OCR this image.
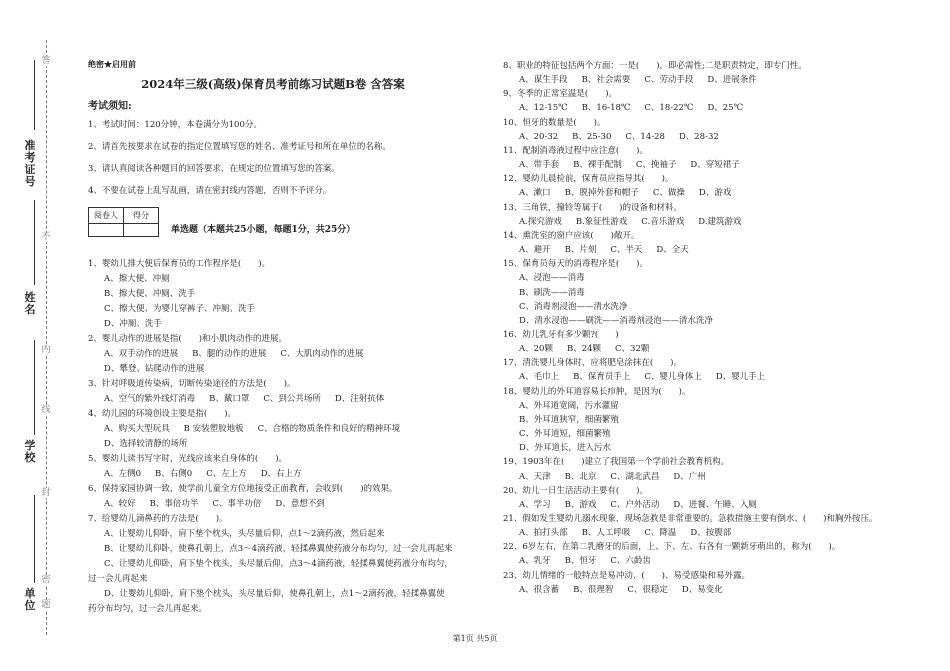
准考证号
姓名
学校
单位
答
不
内
线
封
密
题
绝密★启用前
2024年三级(高级)保育员考前练习试题B卷 含答案
考试须知:
1、考试时间：120分钟，本卷满分为100分。
2、请首先按要求在试卷的指定位置填写您的姓名、准考证号和所在单位的名称。
3、请认真阅读各种题目的回答要求，在规定的位置填写您的答案。
4、不要在试卷上乱写乱画，请在密封线内答题，否则不予评分。
阅卷人	得分

单选题（本题共25小题，每题1分，共25分）
1、婴幼儿排大便后保育员的工作程序是(　　)。
A、擦大便、冲厕
B、擦大便、冲厕、洗手
C、擦大便、为婴儿穿裤子、冲厕、洗手
D、冲厕、洗手
2、婴儿动作的进展是指(　　)和小肌肉动作的进展。
A、双手动作的进展 B、腿的动作的进展 C、大肌肉动作的进展
D、攀登、钻爬动作的进展
3、针对呼吸道传染病，切断传染途径的方法是(　　)。
A、空气的紫外线灯消毒 B、戴口罩 C、到公共场所 D、注射抗体
4、幼儿园的环境创设主要是指(　　)。
A、购买大型玩具 B 安装塑胶地板 C、合格的物质条件和良好的精神环境
D、选择较清静的场所
5、婴幼儿读书写字时，光线应该来自身体的(　　)。
A、左侧0 B、右侧0 C、左上方 D、右上方
6、保持家园协调一致，使学前儿童全方位地接受正面教育，会收到(　　)的效果。
A、较好 B、事倍功半 C、事半功倍 D、意想不到
7、给婴幼儿滴鼻药的方法是(　　)。
A、让婴幼儿仰卧，肩下垫个枕头，头尽量后仰，点1～2滴药液，然后起来
B、让婴幼儿仰卧，使鼻孔朝上，点3～4滴药液，轻揉鼻翼使药液分布均匀，过一会儿再起来
C、让婴幼儿仰卧，肩下垫个枕头，头尽量后仰，点3～4滴药液，轻揉鼻翼使药液分布均匀，
过一会儿再起来
D、让婴幼儿仰卧，肩下垫个枕头，头尽量后仰，使鼻孔朝上，点1～2滴药液，轻揉鼻翼使
药分布均匀，过一会儿再起来。
8、职业的特征包括两个方面：一是(　　)，即必需性;二是职责特定，即专门性。
A、谋生手段 B、社会需要 C、劳动手段 D、进展条件
9、冬季的正常室温是(　　)。
A、12-15℃ B、16-18℃ C、18-22℃ D、25℃
10、恒牙的数量是(　　)。
A、20-32 B、25-30 C、14-28 D、28-32
11、配制消毒液过程中应注意(　　)。
A、带手套 B、裸手配制 C、挽袖子 D、穿短裙子
12、婴幼儿晨检前，保育员应指导其(　　)。
A、漱口 B、脱掉外套和帽子 C、做操 D、游戏
13、三角铁，撞铃等属于(　　)的设备和材料。
A.探究游戏 B.象征性游戏 C.音乐游戏 D.建筑游戏
14、熏洗室的窗户应该(　　)敞开。
A、避开 B、片刻 C、半天 D、全天
15、保育员每天的消毒程序是(　　)。
A、浸泡——消毒
B、刷洗——消毒
C、消毒剂浸泡——清水洗净
D、清水浸泡——刷洗——消毒剂浸泡——清水洗净
16、幼儿乳牙有多少颗?(　　)
A、20颗 B、24颗 C、32颗
17、清洗婴儿身体时，应将肥皂涂抹在(　　)。
A、毛巾上 B、保育员手上 C、婴儿身体上 D、婴儿手上
18、婴幼儿的外耳道容易长疖肿，是因为(　　)。
A、外耳道宽阔，污水灌留
B、外耳道狭窄，细菌繁殖
C、外耳道短，细菌繁殖
D、外耳道长，进入污水
19、1903年在(　　)建立了我国第一个学前社会教育机构。
A、天津 B、北京 C、湖北武昌 D、广州
20、幼儿一日生活活动主要有(　　)。
A、学习 B、游戏 C、户外活动 D、进餐、午睡、入厕
21、假如发生婴幼儿溺水现象，现场急救是非常重要的。急救措施主要有倒水、(　　)和胸外按压。
A、拍打头部 B、人工呼吸 C、降温 D、按腹部
22、6岁左右，在第二乳磨牙的后面，上、下、左、右各有一颗新牙萌出的，称为(　　)。
A、乳牙 B、恒牙 C、六龄齿
23、幼儿情绪的一般特点是易冲动、(　　)、易受感染和易外露。
A、很含蓄 B、很理智 C、很稳定 D、易变化
第1页 共5页
